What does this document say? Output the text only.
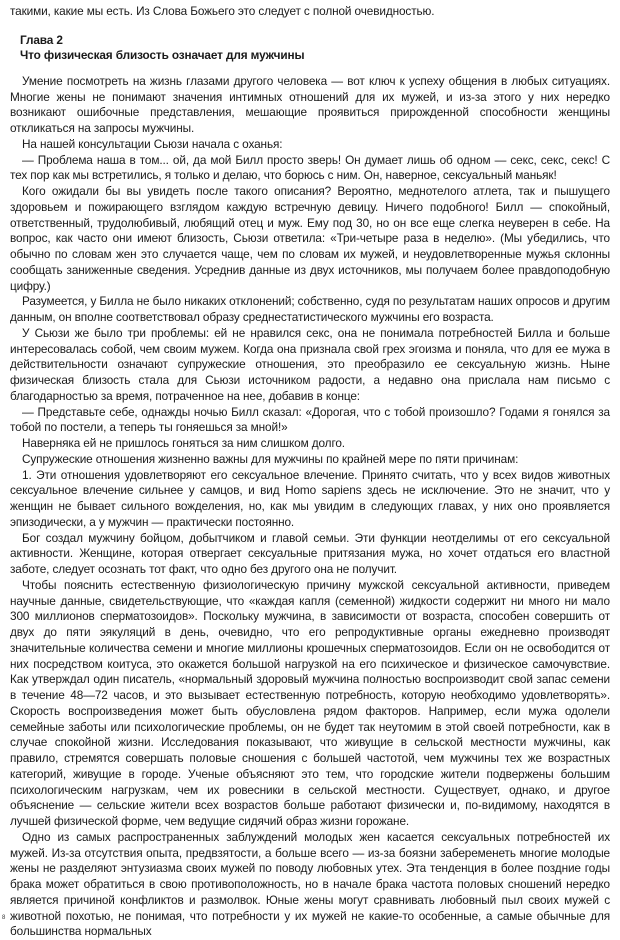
такими, какие мы есть. Из Слова Божьего это следует с полной очевидностью.

Глава 2
Что физическая близость означает для мужчины

Умение посмотреть на жизнь глазами другого человека — вот ключ к успеху общения в любых ситуациях. Многие жены не понимают значения интимных отношений для их мужей, и из-за этого у них нередко возникают ошибочные представления, мешающие проявиться прирожденной способности женщины откликаться на запросы мужчины.

На нашей консультации Сьюзи начала с оханья:

— Проблема наша в том... ой, да мой Билл просто зверь! Он думает лишь об одном — секс, секс, секс! С тех пор как мы встретились, я только и делаю, что борюсь с ним. Он, наверное, сексуальный маньяк!

Кого ожидали бы вы увидеть после такого описания? Вероятно, меднотелого атлета, так и пышущего здоровьем и пожирающего взглядом каждую встречную девицу. Ничего подобного! Билл — спокойный, ответственный, трудолюбивый, любящий отец и муж. Ему под 30, но он все еще слегка неуверен в себе. На вопрос, как часто они имеют близость, Сьюзи ответила: «Три-четыре раза в неделю». (Мы убедились, что обычно по словам жен это случается чаще, чем по словам их мужей, и неудовлетворенные мужья склонны сообщать заниженные сведения. Усреднив данные из двух источников, мы получаем более правдоподобную цифру.)

Разумеется, у Билла не было никаких отклонений; собственно, судя по результатам наших опросов и другим данным, он вполне соответствовал образу среднестатистического мужчины его возраста.

У Сьюзи же было три проблемы: ей не нравился секс, она не понимала потребностей Билла и больше интересовалась собой, чем своим мужем. Когда она признала свой грех эгоизма и поняла, что для ее мужа в действительности означают супружеские отношения, это преобразило ее сексуальную жизнь. Ныне физическая близость стала для Сьюзи источником радости, а недавно она прислала нам письмо с благодарностью за время, потраченное на нее, добавив в конце:

— Представьте себе, однажды ночью Билл сказал: «Дорогая, что с тобой произошло? Годами я гонялся за тобой по постели, а теперь ты гоняешься за мной!»

Наверняка ей не пришлось гоняться за ним слишком долго.

Супружеские отношения жизненно важны для мужчины по крайней мере по пяти причинам:

1. Эти отношения удовлетворяют его сексуальное влечение. Принято считать, что у всех видов животных сексуальное влечение сильнее у самцов, и вид Homo sapiens здесь не исключение. Это не значит, что у женщин не бывает сильного вожделения, но, как мы увидим в следующих главах, у них оно проявляется эпизодически, а у мужчин — практически постоянно.

Бог создал мужчину бойцом, добытчиком и главой семьи. Эти функции неотделимы от его сексуальной активности. Женщине, которая отвергает сексуальные притязания мужа, но хочет отдаться его властной заботе, следует осознать тот факт, что одно без другого она не получит.

Чтобы пояснить естественную физиологическую причину мужской сексуальной активности, приведем научные данные, свидетельствующие, что «каждая капля (семенной) жидкости содержит ни много ни мало 300 миллионов сперматозоидов». Поскольку мужчина, в зависимости от возраста, способен совершить от двух до пяти эякуляций в день, очевидно, что его репродуктивные органы ежедневно производят значительные количества семени и многие миллионы крошечных сперматозоидов. Если он не освободится от них посредством коитуса, это окажется большой нагрузкой на его психическое и физическое самочувствие. Как утверждал один писатель, «нормальный здоровый мужчина полностью воспроизводит свой запас семени в течение 48—72 часов, и это вызывает естественную потребность, которую необходимо удовлетворять». Скорость воспроизведения может быть обусловлена рядом факторов. Например, если мужа одолели семейные заботы или психологические проблемы, он не будет так неутомим в этой своей потребности, как в случае спокойной жизни. Исследования показывают, что живущие в сельской местности мужчины, как правило, стремятся совершать половые сношения с большей частотой, чем мужчины тех же возрастных категорий, живущие в городе. Ученые объясняют это тем, что городские жители подвержены большим психологическим нагрузкам, чем их ровесники в сельской местности. Существует, однако, и другое объяснение — сельские жители всех возрастов больше работают физически и, по-видимому, находятся в лучшей физической форме, чем ведущие сидячий образ жизни горожане.

Одно из самых распространенных заблуждений молодых жен касается сексуальных потребностей их мужей. Из-за отсутствия опыта, предвзятости, а больше всего — из-за боязни забеременеть многие молодые жены не разделяют энтузиазма своих мужей по поводу любовных утех. Эта тенденция в более поздние годы брака может обратиться в свою противоположность, но в начале брака частота половых сношений нередко является причиной конфликтов и размолвок. Юные жены могут сравнивать любовный пыл своих мужей с животной похотью, не понимая, что потребности у их мужей не какие-то особенные, а самые обычные для большинства нормальных

8
